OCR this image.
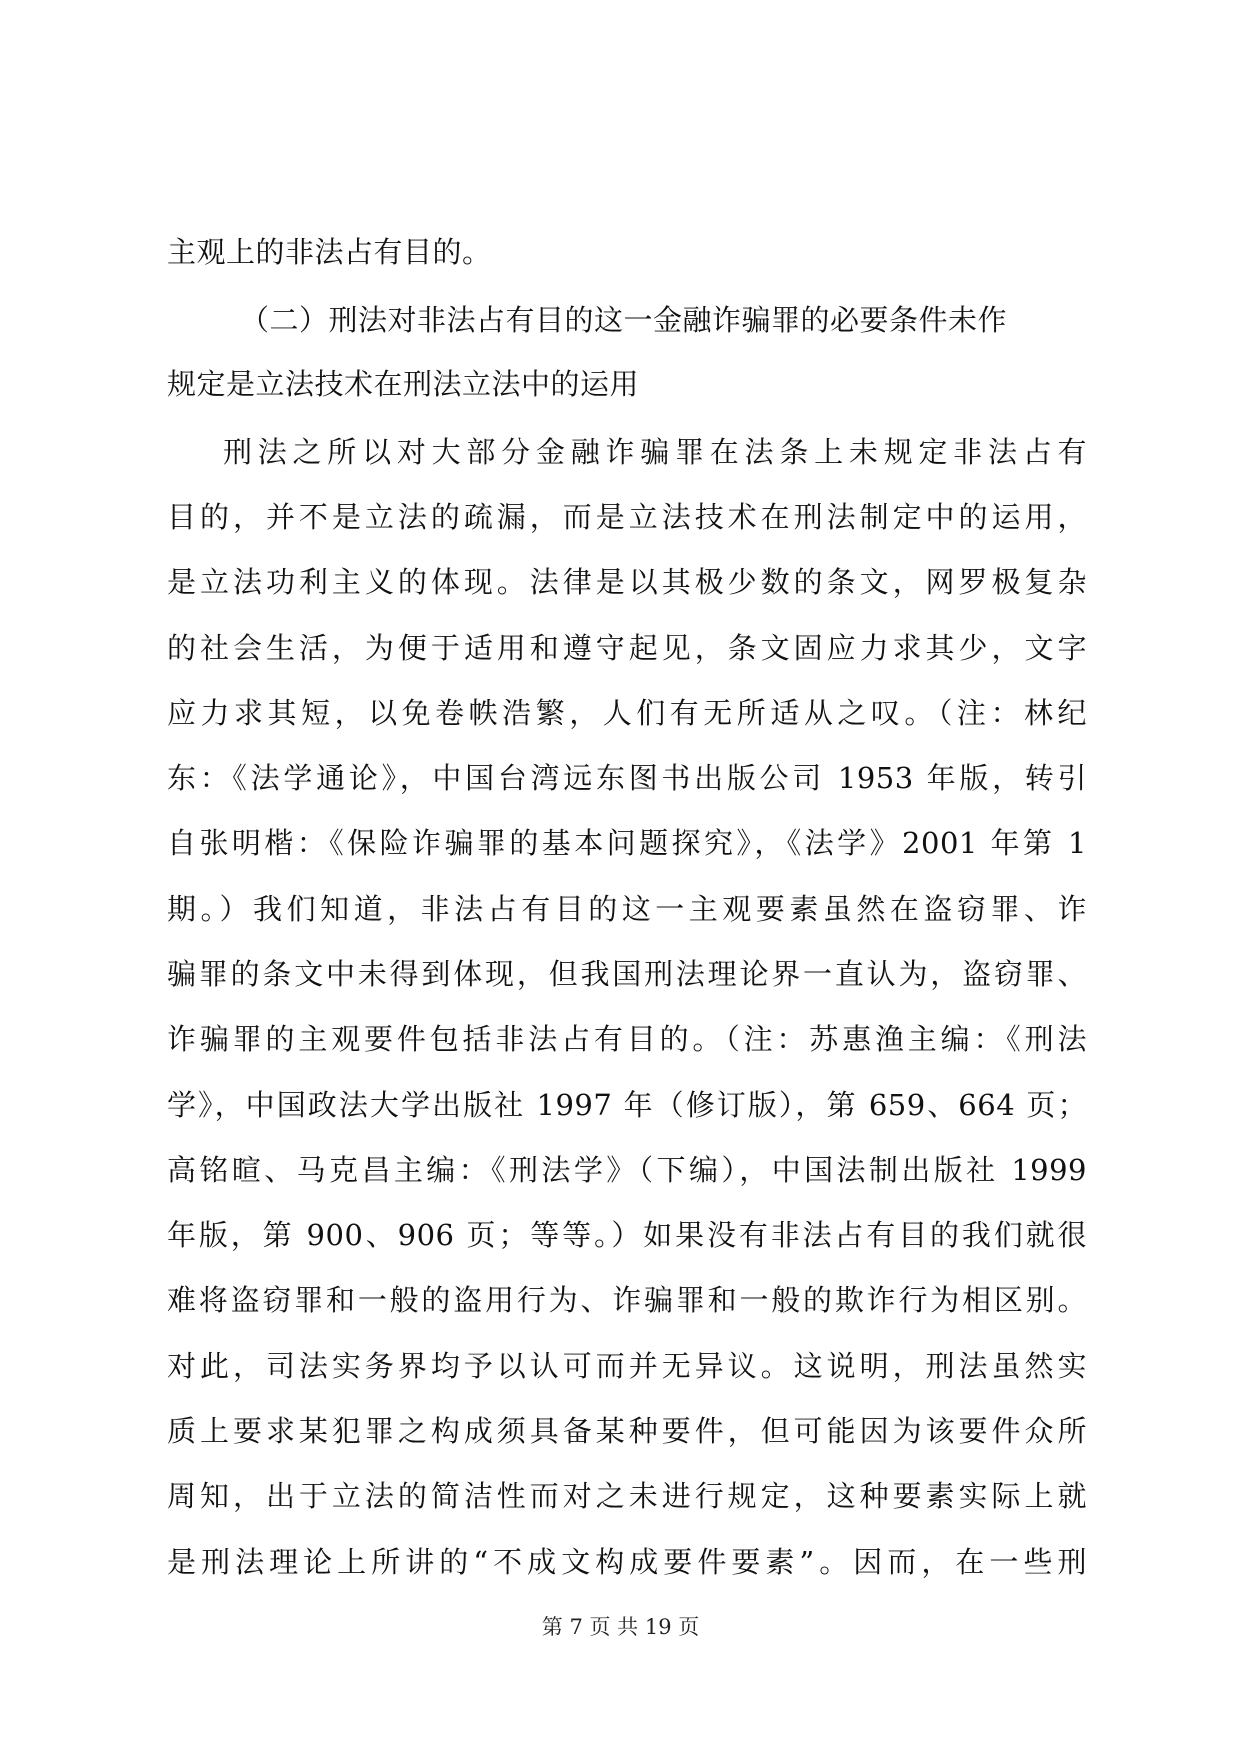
主观上的非法占有目的。
（二）刑法对非法占有目的这一金融诈骗罪的必要条件未作
规定是立法技术在刑法立法中的运用
刑法之所以对大部分金融诈骗罪在法条上未规定非法占有
目的，并不是立法的疏漏，而是立法技术在刑法制定中的运用，
是立法功利主义的体现。法律是以其极少数的条文，网罗极复杂
的社会生活，为便于适用和遵守起见，条文固应力求其少，文字
应力求其短，以免卷帙浩繁，人们有无所适从之叹。（注：林纪
东：《法学通论》，中国台湾远东图书出版公司 1953 年版，转引
自张明楷：《保险诈骗罪的基本问题探究》，《法学》2001 年第 1
期。）我们知道，非法占有目的这一主观要素虽然在盗窃罪、诈
骗罪的条文中未得到体现，但我国刑法理论界一直认为，盗窃罪、
诈骗罪的主观要件包括非法占有目的。（注：苏惠渔主编：《刑法
学》，中国政法大学出版社 1997 年（修订版），第 659、664 页；
高铭暄、马克昌主编：《刑法学》（下编），中国法制出版社 1999
年版，第 900、906 页；等等。）如果没有非法占有目的我们就很
难将盗窃罪和一般的盗用行为、诈骗罪和一般的欺诈行为相区别。
对此，司法实务界均予以认可而并无异议。这说明，刑法虽然实
质上要求某犯罪之构成须具备某种要件，但可能因为该要件众所
周知，出于立法的简洁性而对之未进行规定，这种要素实际上就
是刑法理论上所讲的“不成文构成要件要素”。因而，在一些刑
第 7 页 共 19 页
